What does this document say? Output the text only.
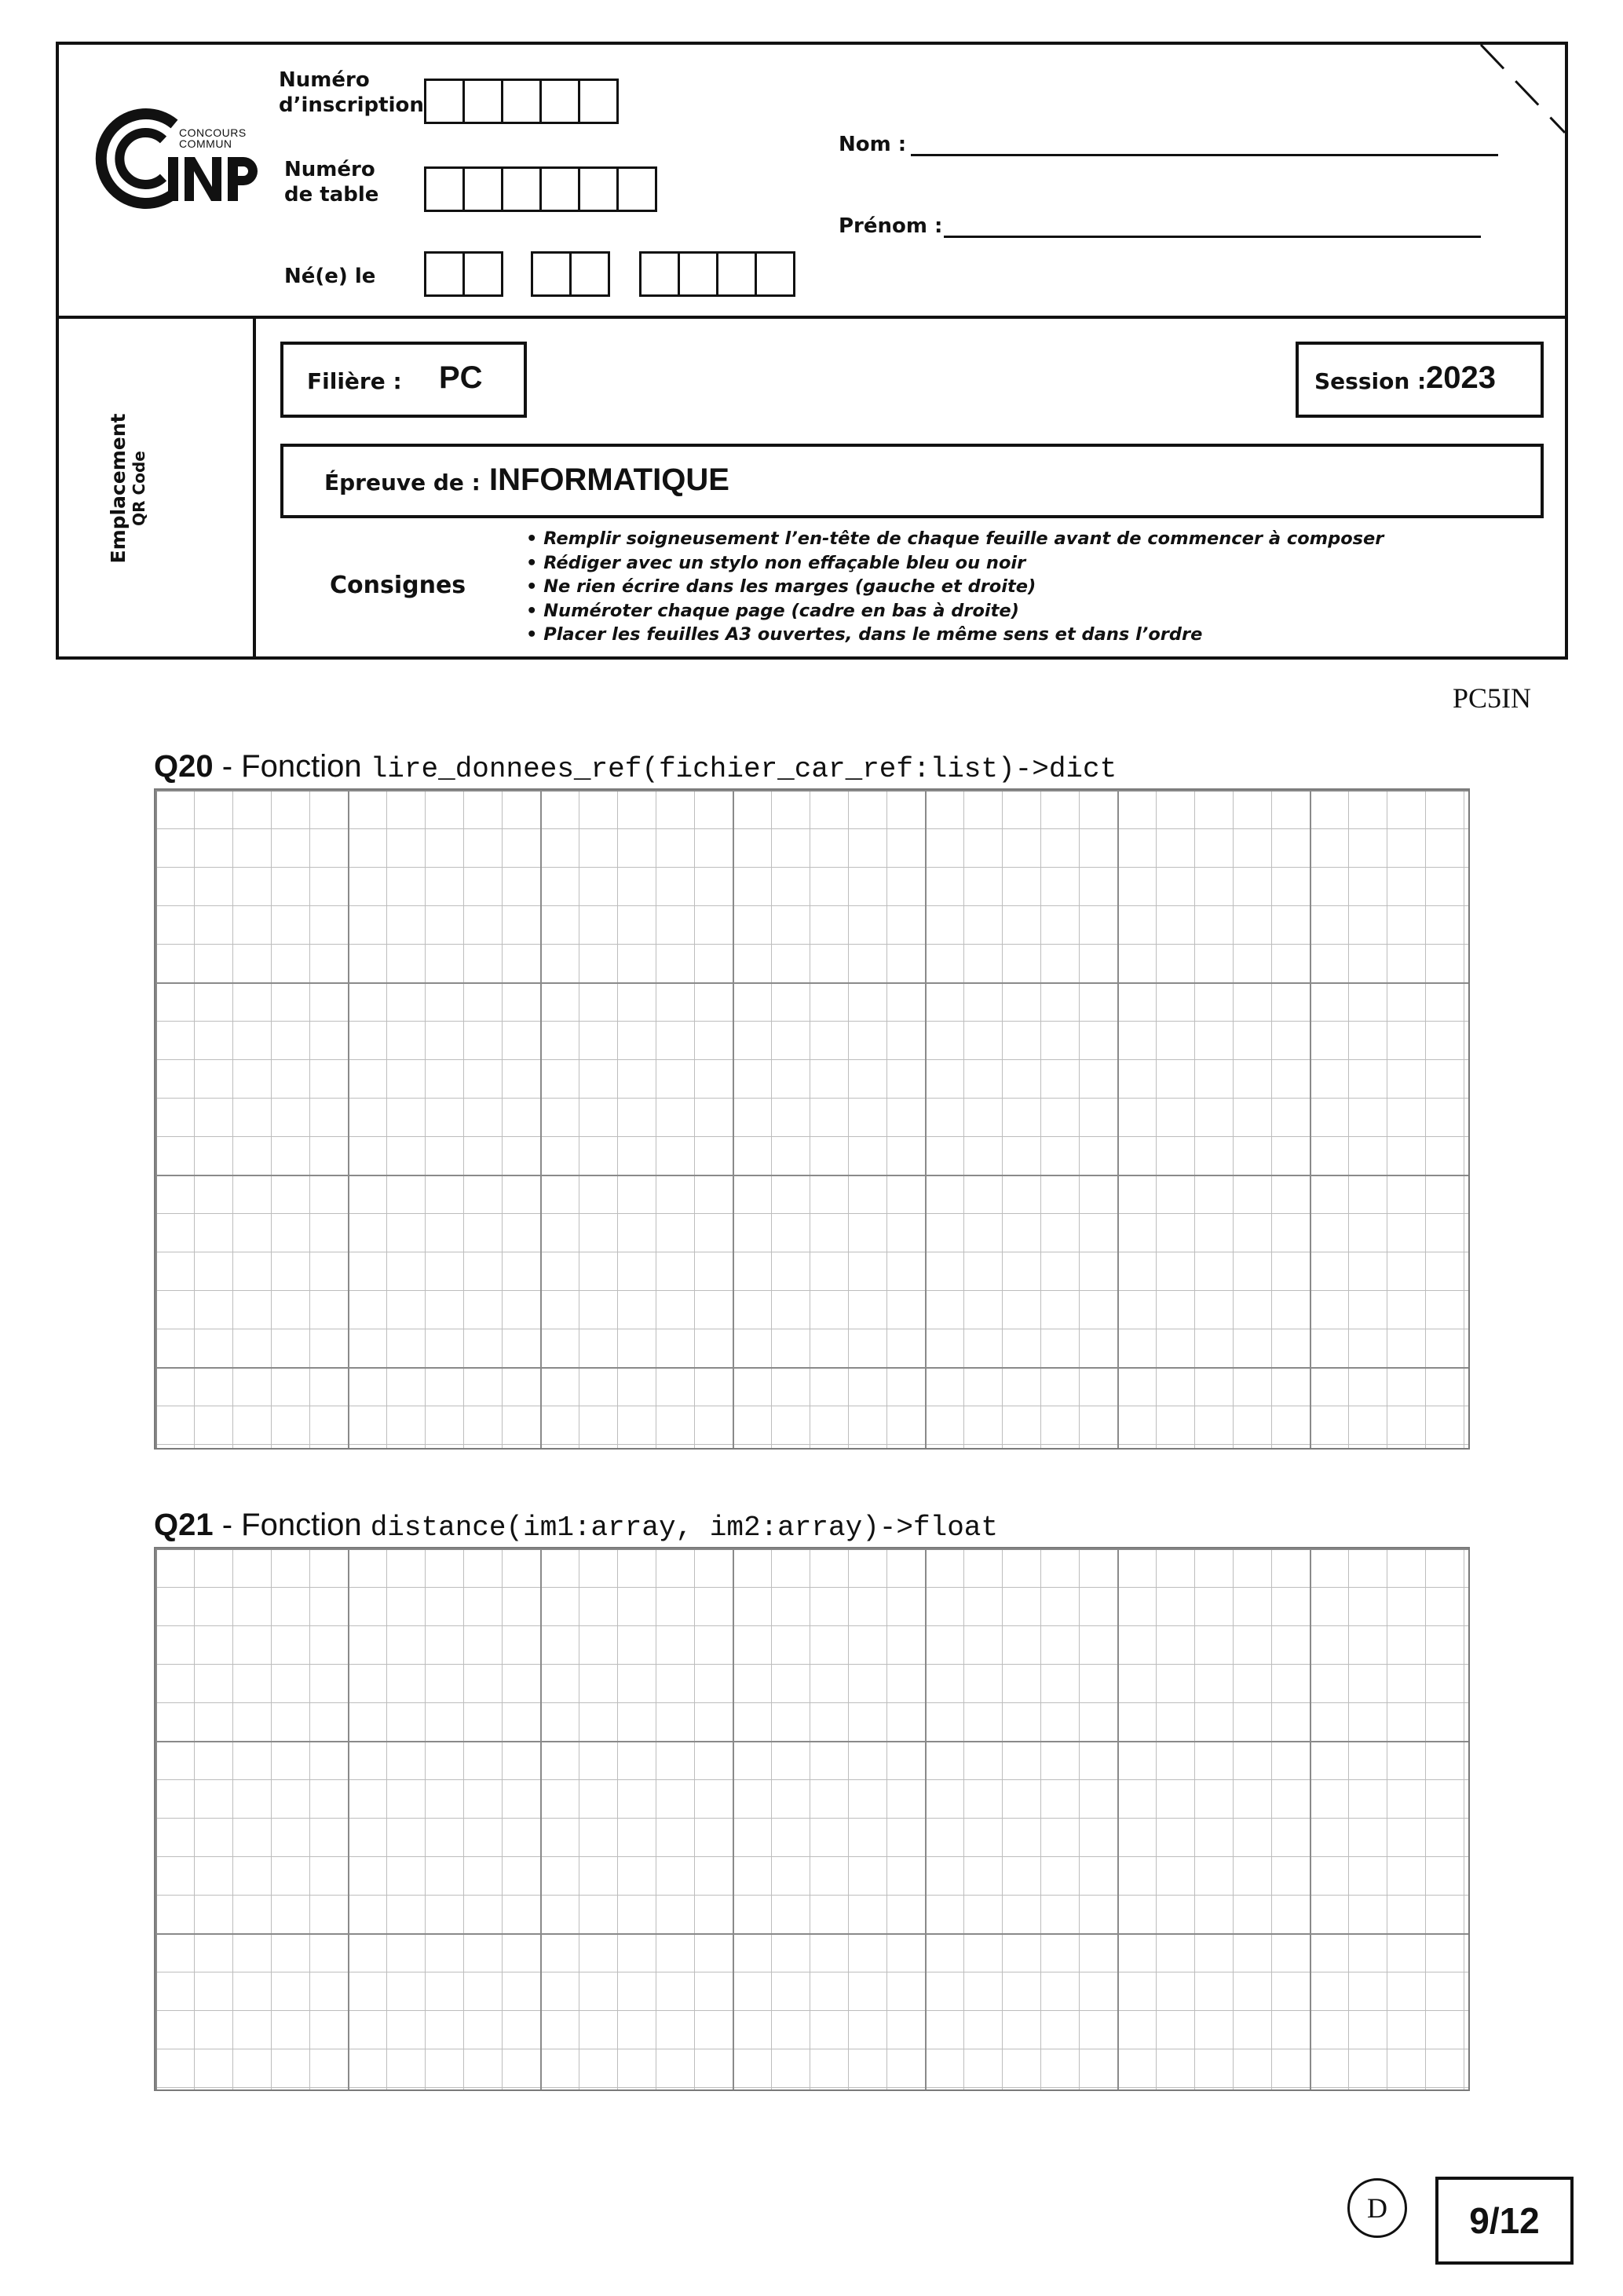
CONCOURS
COMMUN
Numéro
d’inscription
Numéro
de table
Né(e) le
Nom :
Prénom :
Emplacement QR Code
Filière : PC	Session : 2023
Épreuve de : INFORMATIQUE
Consignes
• Remplir soigneusement l’en-tête de chaque feuille avant de commencer à composer
• Rédiger avec un stylo non effaçable bleu ou noir
• Ne rien écrire dans les marges (gauche et droite)
• Numéroter chaque page (cadre en bas à droite)
• Placer les feuilles A3 ouvertes, dans le même sens et dans l’ordre
PC5IN
Q20 - Fonction lire_donnees_ref(fichier_car_ref:list)->dict
Q21 - Fonction distance(im1:array, im2:array)->float
D	9/12
